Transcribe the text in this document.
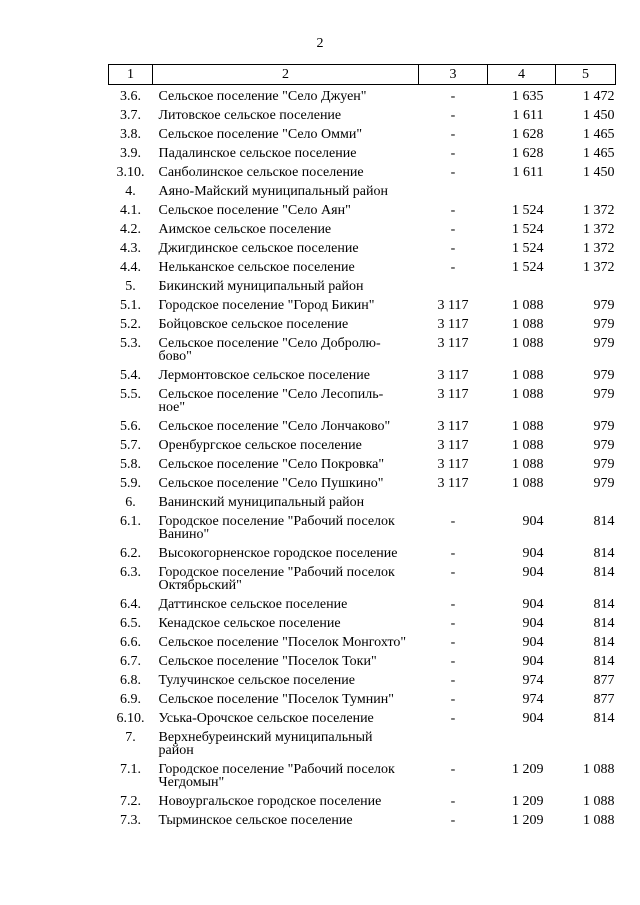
2
1	2	3	4	5
3.6.	Сельское поселение "Село Джуен"	-	1 635	1 472
3.7.	Литовское сельское поселение	-	1 611	1 450
3.8.	Сельское поселение "Село Омми"	-	1 628	1 465
3.9.	Падалинское сельское поселение	-	1 628	1 465
3.10.	Санболинское сельское поселение	-	1 611	1 450
4.	Аяно-Майский муниципальный район			
4.1.	Сельское поселение "Село Аян"	-	1 524	1 372
4.2.	Аимское сельское поселение	-	1 524	1 372
4.3.	Джигдинское сельское поселение	-	1 524	1 372
4.4.	Нельканское сельское поселение	-	1 524	1 372
5.	Бикинский муниципальный район			
5.1.	Городское поселение "Город Бикин"	3 117	1 088	979
5.2.	Бойцовское сельское поселение	3 117	1 088	979
5.3.	Сельское поселение "Село Добролю-
бово"	3 117	1 088	979
5.4.	Лермонтовское сельское поселение	3 117	1 088	979
5.5.	Сельское поселение "Село Лесопиль-
ное"	3 117	1 088	979
5.6.	Сельское поселение "Село Лончаково"	3 117	1 088	979
5.7.	Оренбургское сельское поселение	3 117	1 088	979
5.8.	Сельское поселение "Село Покровка"	3 117	1 088	979
5.9.	Сельское поселение "Село Пушкино"	3 117	1 088	979
6.	Ванинский муниципальный район			
6.1.	Городское поселение "Рабочий поселок
Ванино"	-	904	814
6.2.	Высокогорненское городское поселение	-	904	814
6.3.	Городское поселение "Рабочий поселок
Октябрьский"	-	904	814
6.4.	Даттинское сельское поселение	-	904	814
6.5.	Кенадское сельское поселение	-	904	814
6.6.	Сельское поселение "Поселок Монгохто"	-	904	814
6.7.	Сельское поселение "Поселок Токи"	-	904	814
6.8.	Тулучинское сельское поселение	-	974	877
6.9.	Сельское поселение "Поселок Тумнин"	-	974	877
6.10.	Уська-Орочское сельское поселение	-	904	814
7.	Верхнебуреинский муниципальный
район			
7.1.	Городское поселение "Рабочий поселок
Чегдомын"	-	1 209	1 088
7.2.	Новоургальское городское поселение	-	1 209	1 088
7.3.	Тырминское сельское поселение	-	1 209	1 088
